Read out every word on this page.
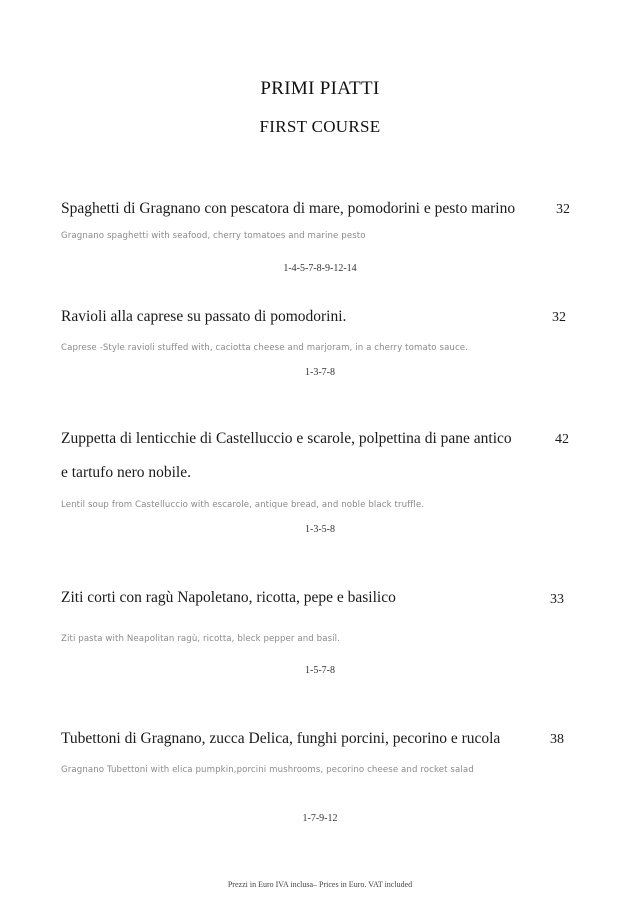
PRIMI PIATTI
FIRST COURSE
Spaghetti di Gragnano con pescatora di mare, pomodorini e pesto marino	32
Gragnano spaghetti with seafood, cherry tomatoes and marine pesto
1-4-5-7-8-9-12-14
Ravioli alla caprese su passato di pomodorini.	32
Caprese -Style ravioli stuffed with, caciotta cheese and marjoram, in a cherry tomato sauce.
1-3-7-8
Zuppetta di lenticchie di Castelluccio e scarole, polpettina di pane antico	42
e tartufo nero nobile.
Lentil soup from Castelluccio with escarole, antique bread, and noble black truffle.
1-3-5-8
Ziti corti con ragù Napoletano, ricotta, pepe e basilico	33
Ziti pasta with Neapolitan ragù, ricotta, bleck pepper and basil.
1-5-7-8
Tubettoni di Gragnano, zucca Delica, funghi porcini, pecorino e rucola	38
Gragnano Tubettoni with elica pumpkin,porcini mushrooms, pecorino cheese and rocket salad
1-7-9-12
Prezzi in Euro IVA inclusa– Prices in Euro. VAT included
